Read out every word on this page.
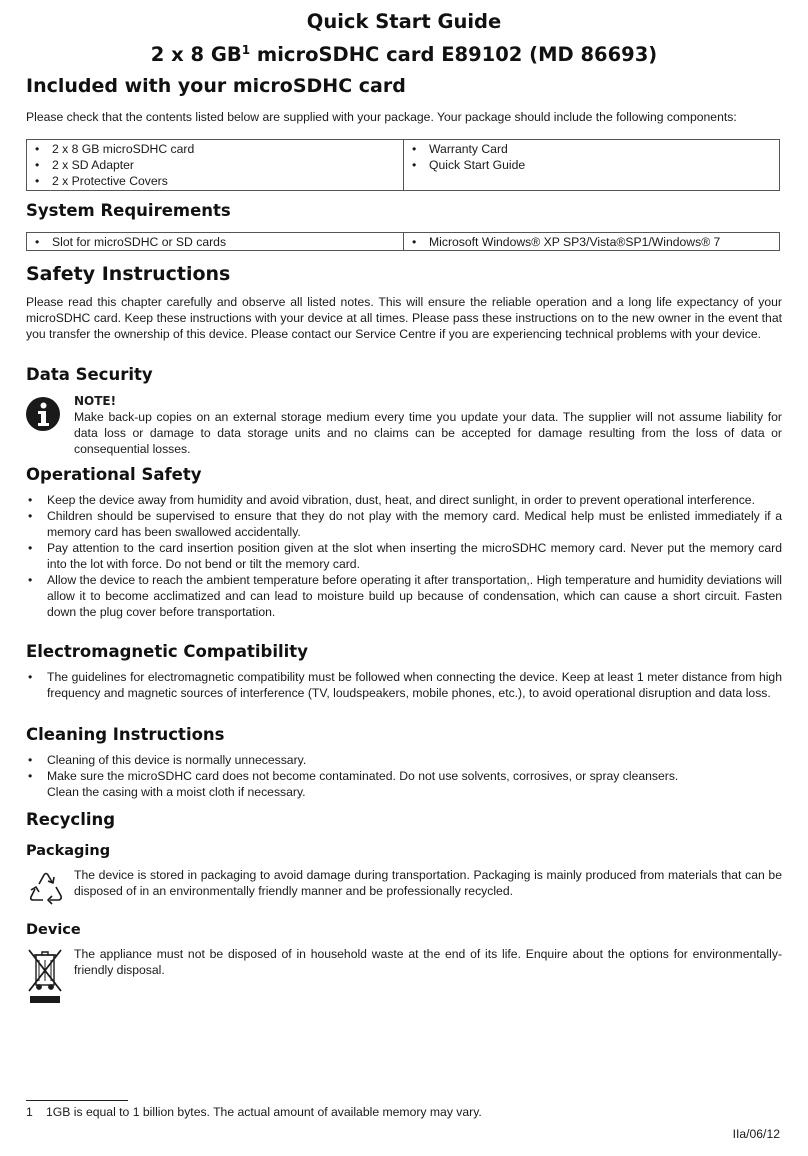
Quick Start Guide
2 x 8 $GB^1$ microSDHC card E89102 (MD 86693)
Included with your microSDHC card
Please check that the contents listed below are supplied with your package. Your package should include the following components:
• 2 x 8 GB microSDHC card
• 2 x SD Adapter
• 2 x Protective Covers
• Warranty Card
• Quick Start Guide
System Requirements
• Slot for microSDHC or SD cards
•	Microsoft Windows® XP SP3/Vista®SP1/Windows® 7
Safety Instructions
Please read this chapter carefully and observe all listed notes. This will ensure the reliable operation and a long life expectancy of your microSDHC card. Keep these instructions with your device at all times. Please pass these instructions on to the new owner in the event that you transfer the ownership of this device. Please contact our Service Centre if you are experiencing technical problems with your device.
Data Security
NOTE!
Make back-up copies on an external storage medium every time you update your data. The supplier will not assume liability for data loss or damage to data storage units and no claims can be accepted for damage resulting from the loss of data or consequential losses.
Operational Safety
• Keep the device away from humidity and avoid vibration, dust, heat, and direct sunlight, in order to prevent operational interference.
• Children should be supervised to ensure that they do not play with the memory card. Medical help must be enlisted immediately if a memory card has been swallowed accidentally.
• Pay attention to the card insertion position given at the slot when inserting the microSDHC memory card. Never put the memory card into the lot with force. Do not bend or tilt the memory card.
• Allow the device to reach the ambient temperature before operating it after transportation,. High temperature and humidity deviations will allow it to become acclimatized and can lead to moisture build up because of condensation, which can cause a short circuit. Fasten down the plug cover before transportation.
Electromagnetic Compatibility
• The guidelines for electromagnetic compatibility must be followed when connecting the device. Keep at least 1 meter distance from high frequency and magnetic sources of interference (TV, loudspeakers, mobile phones, etc.), to avoid operational disruption and data loss.
Cleaning Instructions
• Cleaning of this device is normally unnecessary.
• Make sure the microSDHC card does not become contaminated. Do not use solvents, corrosives, or spray cleansers.
Clean the casing with a moist cloth if necessary.
Recycling
Packaging
The device is stored in packaging to avoid damage during transportation. Packaging is mainly produced from materials that can be disposed of in an environmentally friendly manner and be professionally recycled.
Device
The appliance must not be disposed of in household waste at the end of its life. Enquire about the options for environmentally-friendly disposal.
1 1GB is equal to 1 billion bytes. The actual amount of available memory may vary.
IIa/06/12
